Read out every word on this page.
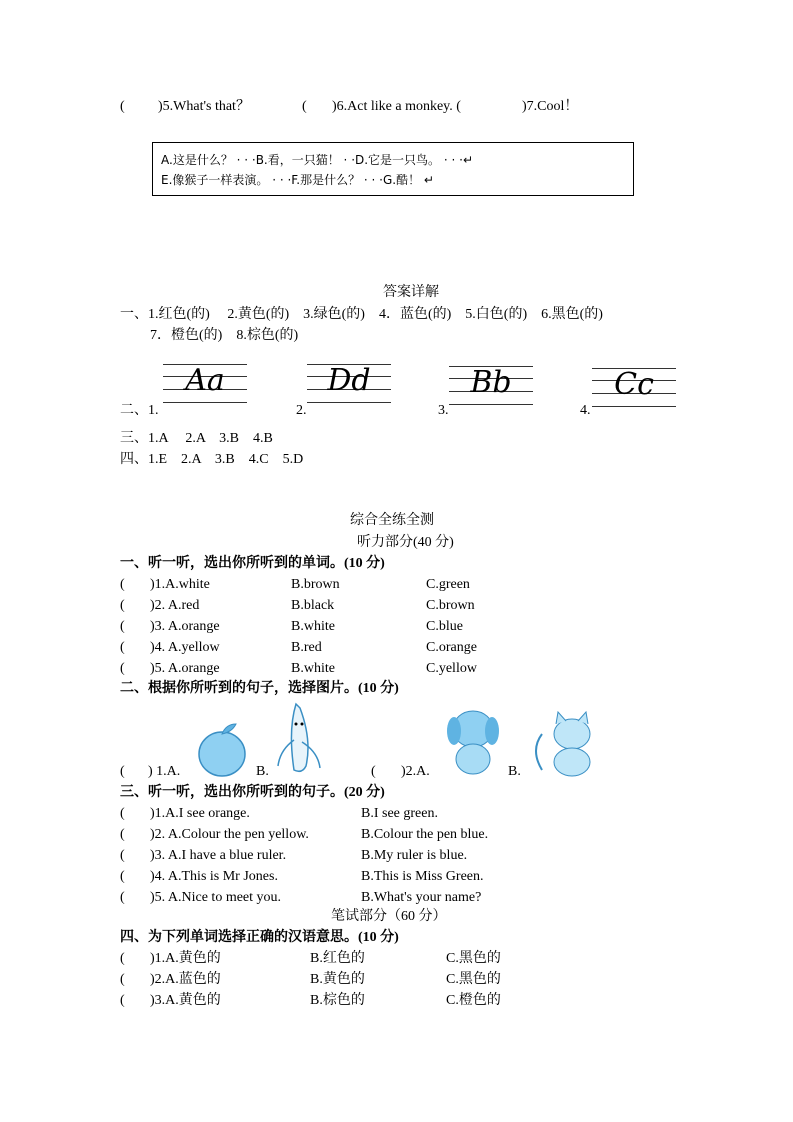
( )5.What's that？	( )6.Act like a monkey. (	)7.Cool！
A.这是什么？ · · ·B.看，一只猫！ · ·D.它是一只鸟。 · · ·↵
E.像猴子一样表演。 · · ·F.那是什么？ · · ·G.酷！ ↵
答案详解
一、1.红色(的)　 2.黄色(的)　3.绿色(的)　4．蓝色(的)　5.白色(的)　6.黑色(的)
7．橙色(的)　8.棕色(的)
二、1.	2.	3.	4.
Aa	Dd	Bb	Cc
三、1.A　 2.A　3.B　4.B
四、1.E　2.A　3.B　4.C　5.D
综合全练全测
听力部分(40 分)
一、听一听，选出你所听到的单词。(10 分)
二、根据你所听到的句子，选择图片。(10 分)
( ) 1.A.	B.	( )2.A.	B.
三、听一听，选出你所听到的句子。(20 分)
笔试部分（60 分）
四、为下列单词选择正确的汉语意思。(10 分)
( )1.A.white	B.brown	C.green
( )2. A.red	B.black	C.brown
( )3. A.orange	B.white	C.blue
( )4. A.yellow	B.red	C.orange
( )5. A.orange	B.white	C.yellow
( )1.A.I see orange.	B.I see green.
( )2. A.Colour the pen yellow.	B.Colour the pen blue.
( )3. A.I have a blue ruler.	B.My ruler is blue.
( )4. A.This is Mr Jones.	B.This is Miss Green.
( )5. A.Nice to meet you.	B.What's your name?
( )1.A.黄色的	B.红色的	C.黑色的
( )2.A.蓝色的	B.黄色的	C.黑色的
( )3.A.黄色的	B.棕色的	C.橙色的
